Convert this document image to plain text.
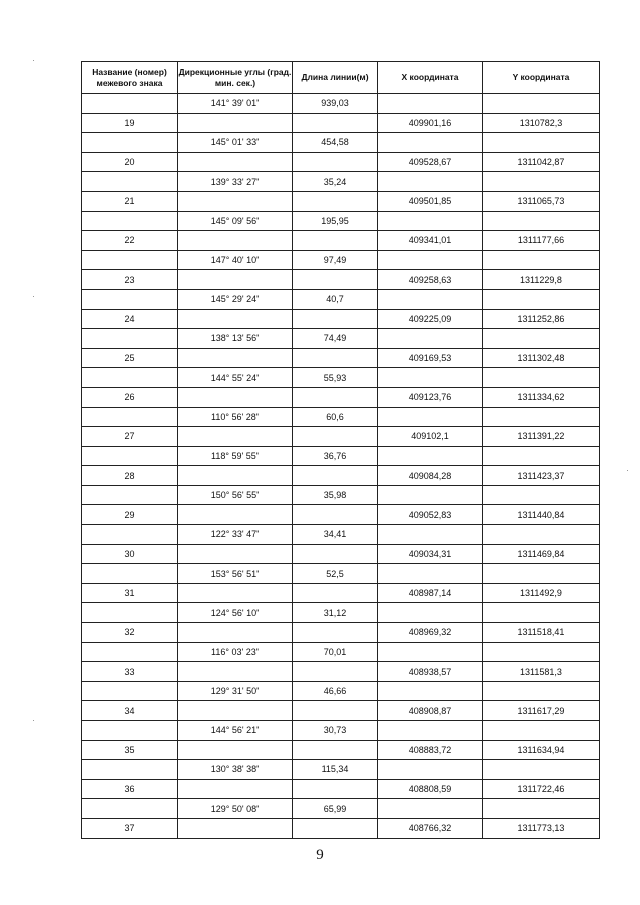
Название (номер) межевого знака	Дирекционные углы (град. мин. сек.)	Длина линии(м)	X координата	Y координата
	141° 39' 01"	939,03		
19			409901,16	1310782,3
	145° 01' 33"	454,58		
20			409528,67	1311042,87
	139° 33' 27"	35,24		
21			409501,85	1311065,73
	145° 09' 56"	195,95		
22			409341,01	1311177,66
	147° 40' 10"	97,49		
23			409258,63	1311229,8
	145° 29' 24"	40,7		
24			409225,09	1311252,86
	138° 13' 56"	74,49		
25			409169,53	1311302,48
	144° 55' 24"	55,93		
26			409123,76	1311334,62
	110° 56' 28"	60,6		
27			409102,1	1311391,22
	118° 59' 55"	36,76		
28			409084,28	1311423,37
	150° 56' 55"	35,98		
29			409052,83	1311440,84
	122° 33' 47"	34,41		
30			409034,31	1311469,84
	153° 56' 51"	52,5		
31			408987,14	1311492,9
	124° 56' 10"	31,12		
32			408969,32	1311518,41
	116° 03' 23"	70,01		
33			408938,57	1311581,3
	129° 31' 50"	46,66		
34			408908,87	1311617,29
	144° 56' 21"	30,73		
35			408883,72	1311634,94
	130° 38' 38"	115,34		
36			408808,59	1311722,46
	129° 50' 08"	65,99		
37			408766,32	1311773,13
9
